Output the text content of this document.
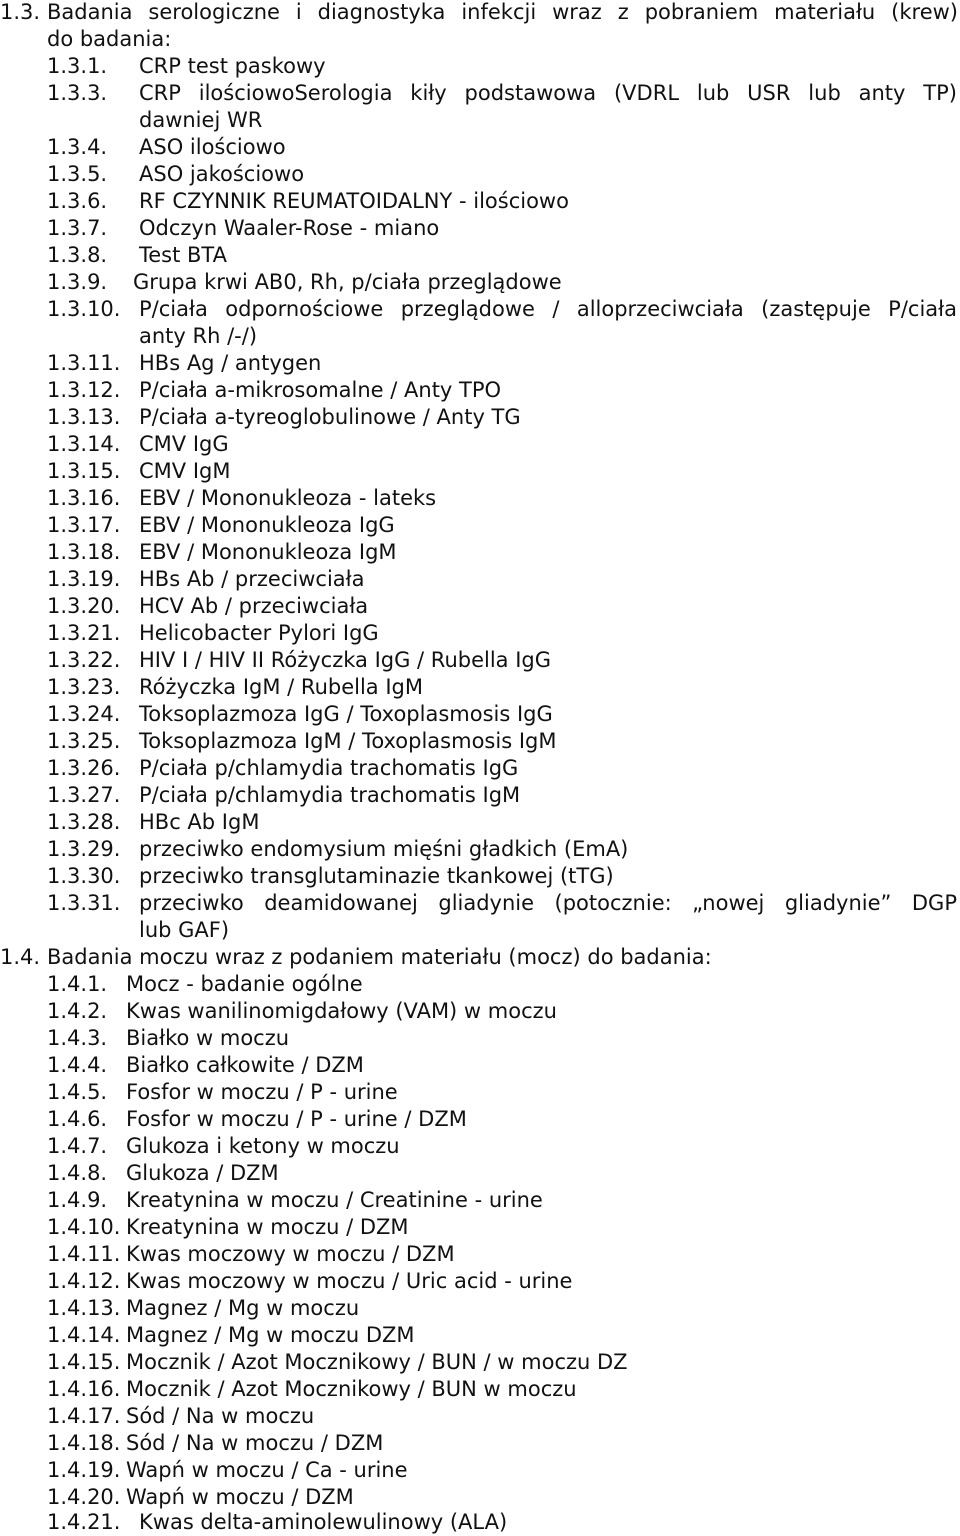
1.3. Badania serologiczne i diagnostyka infekcji wraz z pobraniem materiału (krew)
do badania:
1.3.1. CRP test paskowy
1.3.3. CRP ilościowoSerologia kiły podstawowa (VDRL lub USR lub anty TP)
dawniej WR
1.3.4. ASO ilościowo
1.3.5. ASO jakościowo
1.3.6. RF CZYNNIK REUMATOIDALNY - ilościowo
1.3.7. Odczyn Waaler-Rose - miano
1.3.8. Test BTA
1.3.9. Grupa krwi AB0, Rh, p/ciała przeglądowe
1.3.10. P/ciała odpornościowe przeglądowe / alloprzeciwciała (zastępuje P/ciała
anty Rh /-/)
1.3.11. HBs Ag / antygen
1.3.12. P/ciała a-mikrosomalne / Anty TPO
1.3.13. P/ciała a-tyreoglobulinowe / Anty TG
1.3.14. CMV IgG
1.3.15. CMV IgM
1.3.16. EBV / Mononukleoza - lateks
1.3.17. EBV / Mononukleoza IgG
1.3.18. EBV / Mononukleoza IgM
1.3.19. HBs Ab / przeciwciała
1.3.20. HCV Ab / przeciwciała
1.3.21. Helicobacter Pylori IgG
1.3.22. HIV I / HIV II Różyczka IgG / Rubella IgG
1.3.23. Różyczka IgM / Rubella IgM
1.3.24. Toksoplazmoza IgG / Toxoplasmosis IgG
1.3.25. Toksoplazmoza IgM / Toxoplasmosis IgM
1.3.26. P/ciała p/chlamydia trachomatis IgG
1.3.27. P/ciała p/chlamydia trachomatis IgM
1.3.28. HBc Ab IgM
1.3.29. przeciwko endomysium mięśni gładkich (EmA)
1.3.30. przeciwko transglutaminazie tkankowej (tTG)
1.3.31. przeciwko deamidowanej gliadynie (potocznie: „nowej gliadynie” DGP
lub GAF)
1.4. Badania moczu wraz z podaniem materiału (mocz) do badania:
1.4.1. Mocz - badanie ogólne
1.4.2. Kwas wanilinomigdałowy (VAM) w moczu
1.4.3. Białko w moczu
1.4.4. Białko całkowite / DZM
1.4.5. Fosfor w moczu / P - urine
1.4.6. Fosfor w moczu / P - urine / DZM
1.4.7. Glukoza i ketony w moczu
1.4.8. Glukoza / DZM
1.4.9. Kreatynina w moczu / Creatinine - urine
1.4.10. Kreatynina w moczu / DZM
1.4.11. Kwas moczowy w moczu / DZM
1.4.12. Kwas moczowy w moczu / Uric acid - urine
1.4.13. Magnez / Mg w moczu
1.4.14. Magnez / Mg w moczu DZM
1.4.15. Mocznik / Azot Mocznikowy / BUN / w moczu DZ
1.4.16. Mocznik / Azot Mocznikowy / BUN w moczu
1.4.17. Sód / Na w moczu
1.4.18. Sód / Na w moczu / DZM
1.4.19. Wapń w moczu / Ca - urine
1.4.20. Wapń w moczu / DZM
1.4.21. Kwas delta-aminolewulinowy (ALA)
